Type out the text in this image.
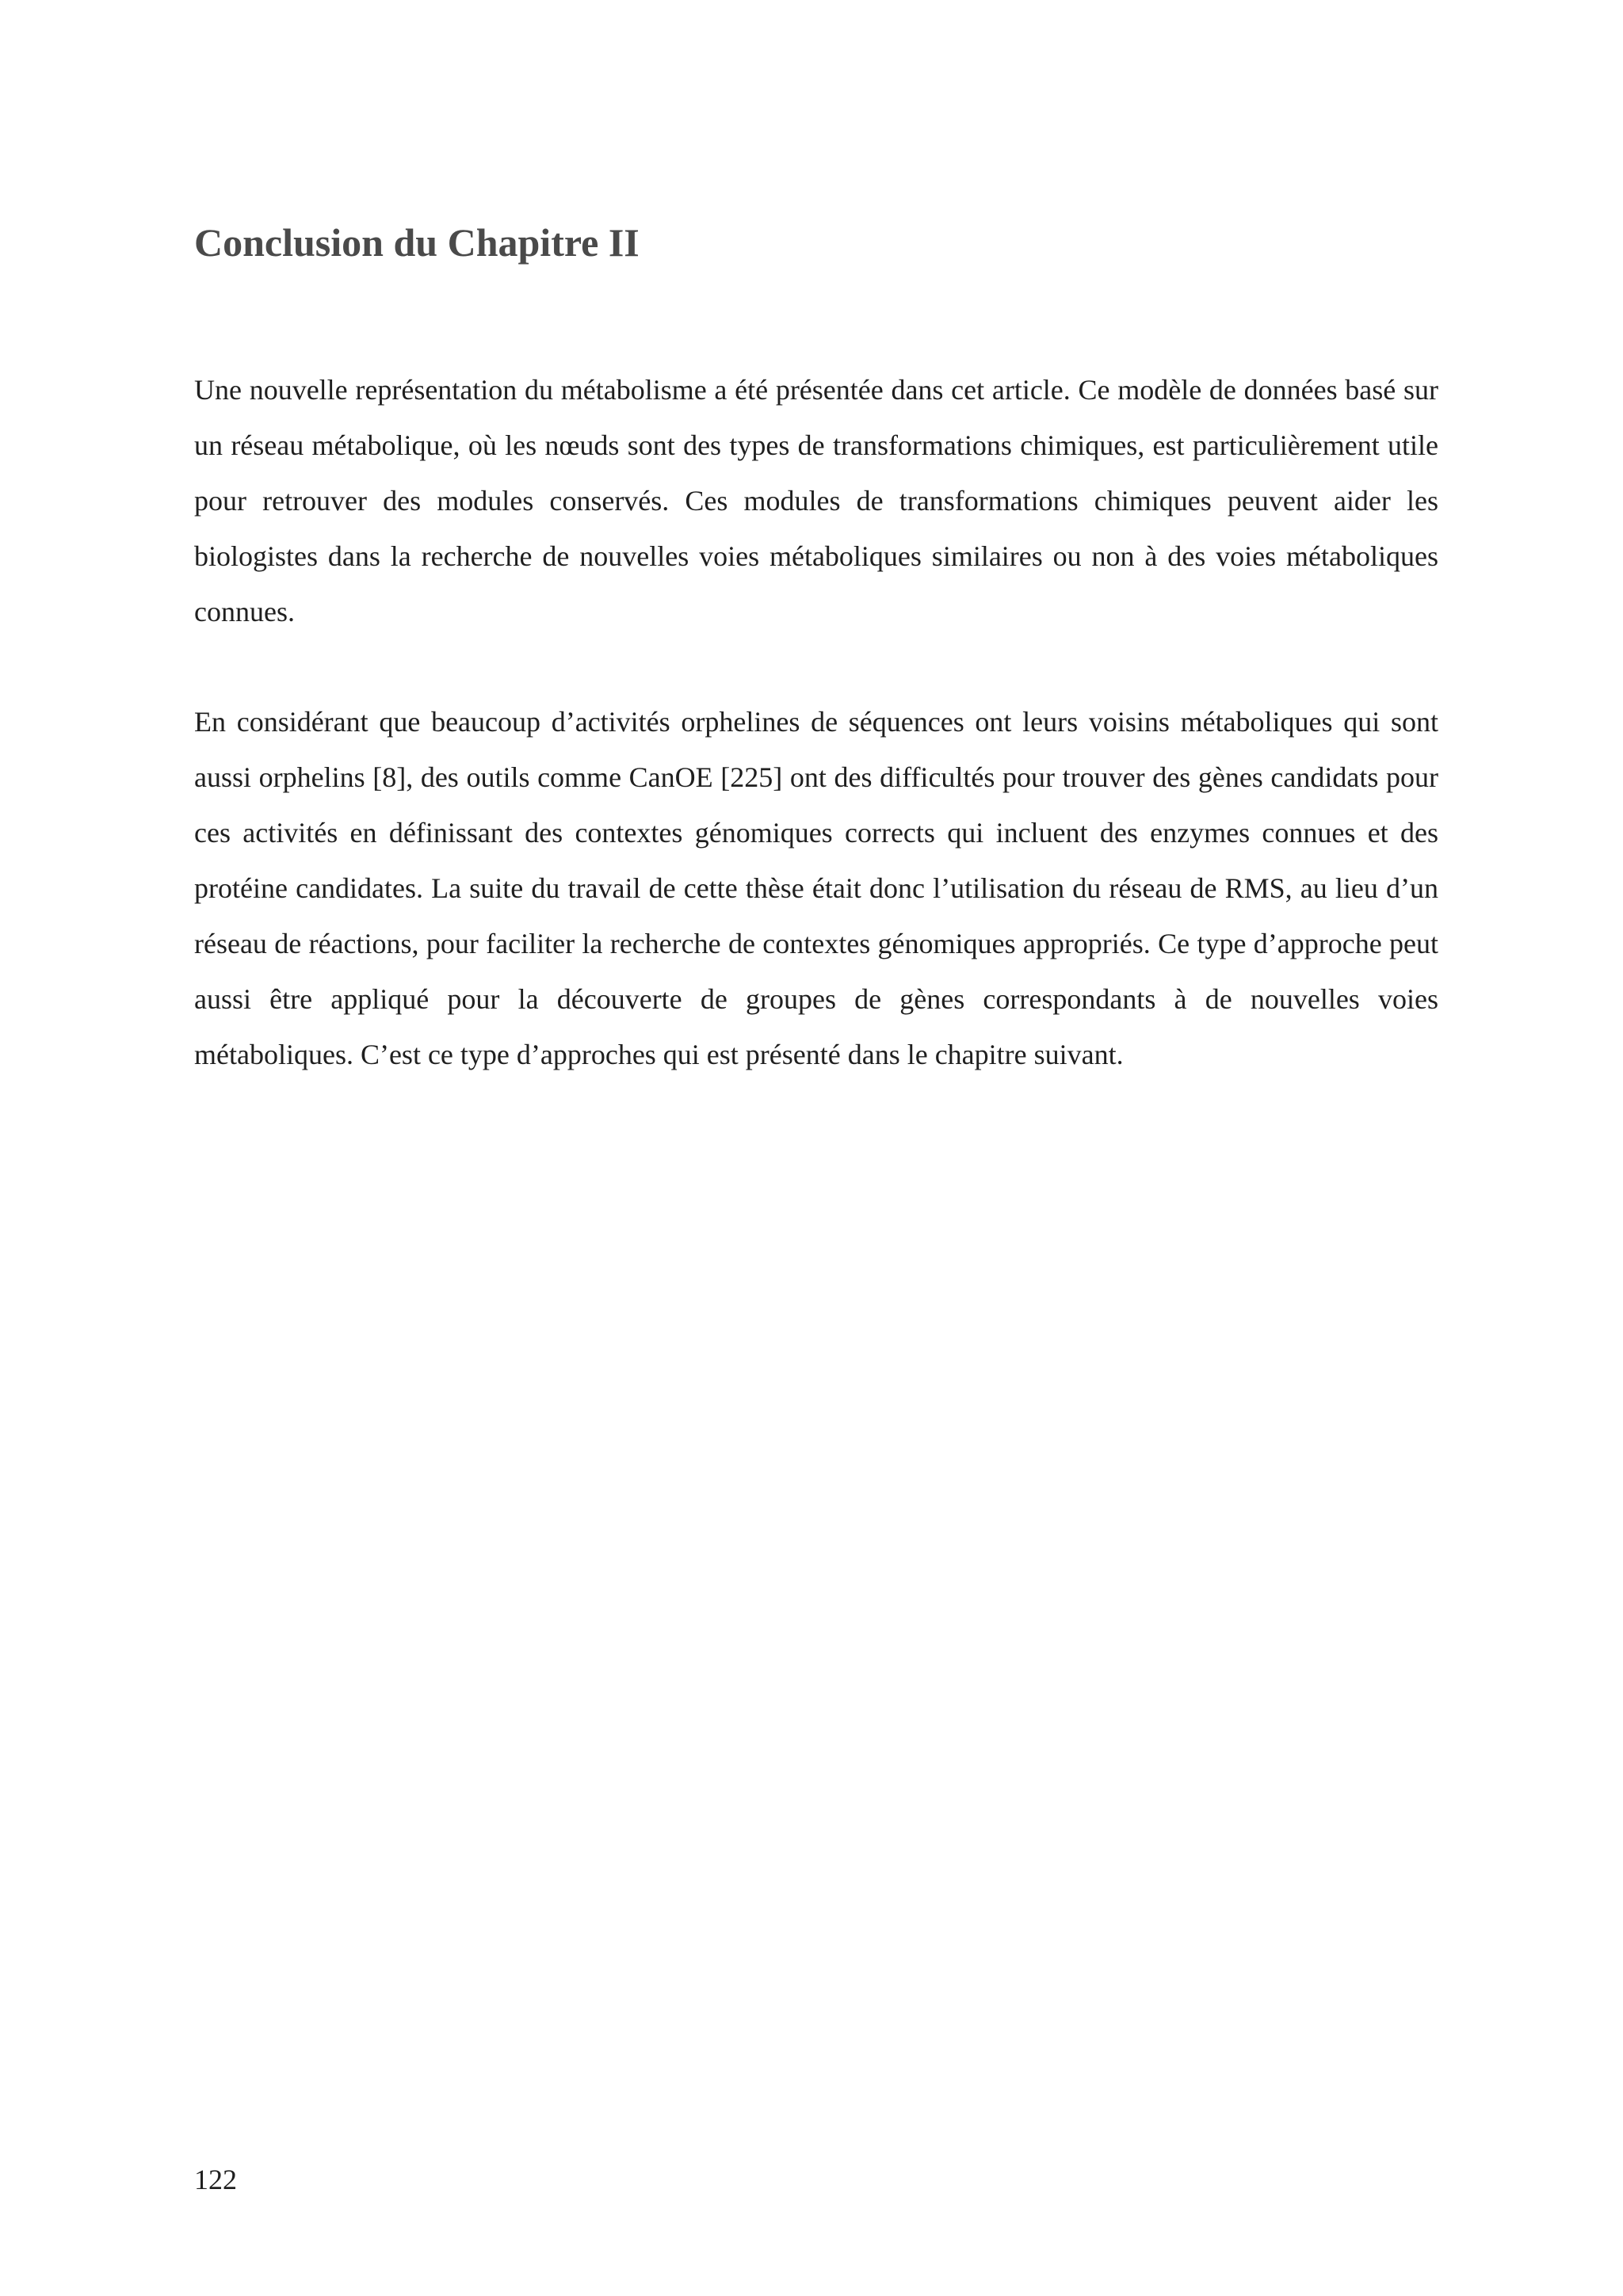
Conclusion du Chapitre II

Une nouvelle représentation du métabolisme a été présentée dans cet article. Ce modèle de données basé sur un réseau métabolique, où les nœuds sont des types de transformations chimiques, est particulièrement utile pour retrouver des modules conservés. Ces modules de transformations chimiques peuvent aider les biologistes dans la recherche de nouvelles voies métaboliques similaires ou non à des voies métaboliques connues.

En considérant que beaucoup d’activités orphelines de séquences ont leurs voisins métaboliques qui sont aussi orphelins [8], des outils comme CanOE [225] ont des difficultés pour trouver des gènes candidats pour ces activités en définissant des contextes génomiques corrects qui incluent des enzymes connues et des protéine candidates. La suite du travail de cette thèse était donc l’utilisation du réseau de RMS, au lieu d’un réseau de réactions, pour faciliter la recherche de contextes génomiques appropriés. Ce type d’approche peut aussi être appliqué pour la découverte de groupes de gènes correspondants à de nouvelles voies métaboliques. C’est ce type d’approches qui est présenté dans le chapitre suivant.

122
